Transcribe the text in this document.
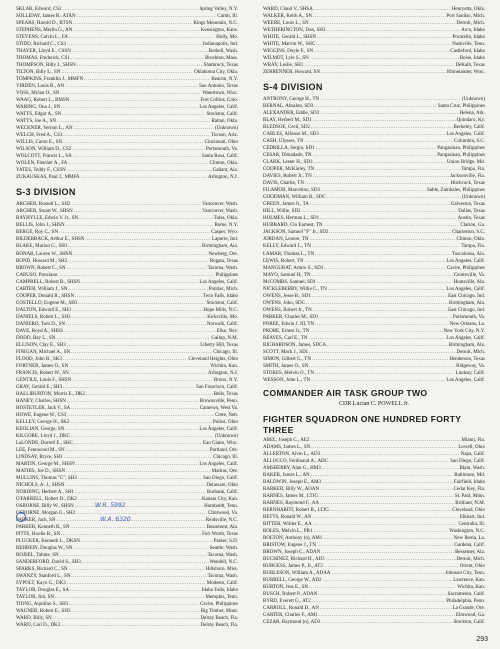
SKLAR, Edward, CS2 .....	Spring Valley, N.Y.
SOLLIDAY, James R., ATAN .....	Carmi, Ill.
SPEARS, Harold D., BTSN .....	Kings Mountain, N.C.
STEPHENS, Merlin G., AN .....	Kensington, Kans.
STEVENS, Calvin L., FA .....	Holly, Mo.
STIDD, Richard C., CS3 .....	Indianapolis, Ind.
THAYER, Lloyd E., CSSN .....	Bothell, Wash.
THOMAS, Frederick, CS1 .....	Brockton, Mass.
THOMPSON, Billy J., SHSN .....	Shamrock, Texas
TILTON, Billy L., SN .....	Oklahoma City, Okla.
TOMPKINS, Franklin J., MMFN .....	Beacon, N.Y.
VIRDEN, Louis R., AN .....	San Antonio, Texas
VOSS, Mylan O., SN .....	Watertown, Wisc.
WAAG, Robert L., RMSN .....	Fort Collins, Colo.
WARING, Ona J., SN .....	Los Angeles, Calif.
WATTS, Edgar A., SN .....	Stockton, Calif.
WATTS, Joe A., SN .....	Rattan, Okla.
WECKNER, Vernon L., AN .....	(Unknown)
WELCH, Fred A., CS3 .....	Tucson, Ariz.
WILLIS, Caron E., SN .....	Cincinnati, Ohio
WILSON, William D., CS2 .....	Portsmouth, Va.
WOLCOTT, Francis L., SA .....	Santa Rosa, Calif.
WOLEN, Fletcher A., FA .....	Clinton, Okla.
YATES, Teddy F., CSSN .....	Gallant, Ala.
ZUKAUSKAS, Paul J., MMFA .....	Arlington, N.J.
S-3 DIVISION
ARCHER, Russell L., SH2 .....	Vancouver, Wash.
ARCHER, Stuart W., SHSN .....	Vancouver, Wash.
BAYHYLLE, Edwin V. Jr., SN .....	Tulsa, Okla.
BELLIS, John J., SHSN .....	Rome, N.Y.
BERGE, Roy C., SN .....	Casper, Wyo.
BILDERBACK, Arthur E., SHSN .....	Laporte, Ind.
BLAKE, Marion G., SH1 .....	Birmingham, Ala.
BONAR, Lauren W., SHSN .....	Newberg, Ore.
BOND, Howard M., SH2 .....	Bogata, Texas
BROWN, Robert C., SN .....	Tacoma, Wash.
CABUSO, Ponciano .....	Philippines
CAMPBELL, Robert B., SHSN .....	Los Angeles, Calif.
CARTER, William J., SN .....	Pontiac, Mich.
COOPER, Donald R., SHSN .....	Twin Falls, Idaho
COSTELLO, Eugene M., SH3 .....	Stockton, Calif.
DALTON, Edward E., SH3 .....	Hope Mills, N.C.
DANIELS, Robert L., SH3 .....	Kirksville, Mo.
DANIERO, Tom D., SN .....	Norwalk, Calif.
DAVE, Boyd A., SHSS .....	Elko, Nev.
DODD, Ray L., SN .....	Gallup, N.M.
ELLISON, Clay E., SH3 .....	Liberty Hill, Texas
FINIGAN, Michael A., SN .....	Chicago, Ill.
FLOOD, John B., SK3 .....	Cleveland Heights, Ohio
FORTNER, James O., SN .....	Wichita, Kan.
FRANCIS, Robert W., SN .....	Arlington, N.J.
GENTILE, Louis F., SHSN .....	Bronx, N.Y.
GRAY, Gerald E., SH3 .....	San Francisco, Calif.
HALLIBURTON, Morris E., DK2 .....	Bells, Texas
HANEY, Charles, SHSN .....	Brownsville, Penn.
HOSTETLER, Jack V., SA .....	Cameron, West Va.
HOWE, Eugene W., CS3 .....	Crete, Neb.
KELLEY, George H., SK2 .....	Pollos, Ohio
KEOLIAN, George, SN .....	Los Angeles, Calif.
KILGORE, Lloyd J., DKC .....	(Unknown)
LaLONDE, Durrell E., SHC .....	Eau Claire, Wisc.
LEE, Fennwood M., SN .....	Portland, Ore.
LINDSAY, Bryce, SH1 .....	Chicago, Ill.
MARTIN, George M., SHSN .....	Los Angeles, Calif.
MATHIS, Joe D., SHSN .....	Madras, Ore.
MULLINS, Thomas "C", SH3 .....	San Diego, Calif.
NICHOLS, A. J., SHSN .....	Delaware, Ohio
NORDING, Herbert A., SH1 .....	Burbank, Calif.
O'FARRELL, Robert D., DK2 .....	Kansas City, Kan.
OSBORNE, Billy W., SHSN .....	Humboldt, Tenn.
OSBORNE, Morgan G., SH2 .....	Clintwood, Va.
PARKER, Jack, SN .....	Reidsville, N.C.
PARKER, Kenneth R., SN .....	Beaumont, Ala.
PITTS, Hoolie B., SN .....	Fort Worth, Texas
PLUCKER, Kenneth L., DKSN .....	Parker, S.D.
REHBEIN, Douglas W., SN .....	Seattle, Wash.
ROJSEL, Tahnte, SN .....	Tacoma, Wash.
SANDERFORD, David S., SH3 .....	Wendell, N.C.
SPARKS, Richard C., SN .....	Hillsboro, Miss.
SWANZY, Stanford L., SN .....	Tacoma, Wash.
SYPOLT, Kayo G., DK3 .....	Modesto, Calif.
TAYLOR, Douglas E., SA .....	Idaho Falls, Idaho
TAYLOR, Jim, SN .....	Memphis, Tenn.
TIONG, Aquilino S., SH3 .....	Cavite, Philippines
WAGNER, Robert E., SH3 .....	Big Timber, Mont.
WARD, Billy, SN .....	Delray Beach, Fla.
WARD, Carl D., DK3 .....	Delray Beach, Fla.
WARD, Claud V., SHSA .....	Henryetta, Okla.
WALKER, Keith A., SN .....	Port Sanilac, Mich.
WEERE, Louis L., SN .....	Detroit, Mich.
WETHERINGTON, Don, SH3 .....	Arco, Idaho
WHITE, Gerald L., SHSN .....	Pocatello, Idaho
WHITE, Marvin W., SHC .....	Nashville, Tenn.
WIGGINS, Doyle F., SN .....	Castleford, Idaho
WILMOT, Lyle S., SN .....	Boise, Idaho
WRAY, Leslie, SH1 .....	DeKalb, Texas
ZERRENNER, Howard, SN .....	Rhinelander, Wisc.
S-4 DIVISION
ANTRONY, George H., TN .....	(Unknown)
BERNAL, Absalon, SD3 .....	Santa Cruz, Philippines
ALEXANDER, Eddie, SD3 .....	Helena, Ark.
BLAY, Herbert M., SD1 .....	Quindaro, Ky.
BLEDSOE, Cecil, SD2 .....	Berkeley, Calif.
CABLES, Alfonso M., SD3 .....	Los Angeles, Calif.
CASH, Ulysses, TN .....	Columbia, S.C.
CEDRILLA, Sergio, SD1 .....	Pangasinan, Philippines
CESAR, Dimadado, TN .....	Pangasinan, Philippines
CLARK, Lester H., SD3 .....	Union Bridge, Md.
COOPER, McKinley, TN .....	Tampa, Fla.
DAVIES, Robert Jr., TN .....	Jacksonville, Fla.
DAVIS, Charlie, TN .....	Hitchcock, Texas
FILAMOR, Marcelino, SD3 .....	Sable, Zambales, Philippines
GOODMAN, William B., SDC .....	(Unknown)
GREEN, James Jr., TA .....	Galveston, Texas
HILL, Willie, SD2 .....	Dallas, Texas
HOLMES, Herman L., SD1 .....	Austin, Texas
HUBBARD, Clo Earnest, TN .....	Clarion, Ga.
JACKSON, Samuel "F" Jr., SD2 .....	Charleston, S.C.
JORDAN, Lenore, TN .....	Clinton, Okla.
KELLY, Edward L., TN .....	Tampa, Fla.
LAMAR, Thomas L., TN .....	Tuscaloosa, Ala.
LEWIS, Robert, TN .....	Los Angeles, Calif.
MANGUBAT, Arturo S., SD3 .....	Cavite, Philippines
MAYO, Samuel H., TN .....	Centreville, Va.
McCOMBS, Samuel, SD1 .....	Huntsville, Ala.
NICKLEBERRY, Willie C., TN .....	Los Angeles, Calif.
OWENS, Jesse B., SD1 .....	East Chicago, Ind.
OWENS, John, SDC .....	Birmingham, Ala.
OWENS, Robert Jr., TN .....	East Chicago, Ind.
PARKER, Charles M., SD1 .....	Portsmouth, Va.
POREE, Edwin J. III, TN .....	New Orleans, La.
PROBE, Ernest Jr., TN .....	New York City, N.Y.
REAVES, Carl E., TN .....	Los Angeles, Calif.
RICHARDSON, James, SDCA .....	Birmingham, Ala.
SCOTT, Mack J., SD1 .....	Detroit, Mich.
SIMON, Gilbert G., TN .....	Henderson, Texas
SMITH, James O., SN .....	Ridgeway, Va.
STOKES, Melvin O., TN .....	Lindsay, Calif.
WESSON, John L., TN .....	Los Angeles, Calif.
COMMANDER AIR TASK GROUP TWO
CDR Lucian C. POWELL Jr.
FIGHTER SQUADRON ONE HUNDRED FORTY THREE
ABEL, Joseph C., AE2 .....	Miami, Fla.
ADAMS, James L., SN .....	Lowell, Ohio
ALLERTON, Alvin L., AD3 .....	Napa, Calif.
ALLOCCO, Ferdinand A., ADC .....	San Diego, Calif.
AMSBERRY, Alan G., HM3 .....	Blain, Wash.
BAKER, James L., AN .....	Baltimore, Md.
BALDWIN, Joseph E., AM3 .....	Fairfield, Idaho
BARKER, Billy W., AOAN .....	Cedar Key, Fla.
BARNES, James M., LTJG .....	St. Paul, Minn.
BARNES, Raymond F., AA .....	Brilliant, N.M.
BERNHARDT, Robert B., LTJG .....	Cleveland, Ohio
BETTS, Ronald W., AN .....	Elkhart, Ind.
BITTER, Wilder E., AA .....	Centralia, Ill.
BOLES, Melvin L., PR1 .....	Washington, N.C.
BOLTON, Anthony (n), AM1 .....	New Iberia, La.
BRISTOW, Eugene J., TN .....	Gardena, Calif.
BROWN, Joseph C., ADAN .....	Bessemer, Ala.
BUCHINEZ, Richard H., AD3 .....	Detroit, Mich.
BURGESS, James P., Jr., AT2 .....	Orient, Ohio
BURLESON, William A., ADAA .....	Johnson City, Tenn.
BURRELL, George W., AD2 .....	Lawrence, Kan.
BURTON, Jess E., SN .....	Wichita, Kan.
BUSCH, Robert P., ADAN .....	Sacramento, Calif.
BYRD, Everett G., AT2 .....	Philadelphia, Penn.
CARROLL, Ronald D., AN .....	La Grande, Ore.
CARTER, Charles F., AM1 .....	Elmwood, Ga.
CEZAR, Raymond (n), AD3 .....	Stockton, Calif.
W.R. 5992
W.A. 6320
293
